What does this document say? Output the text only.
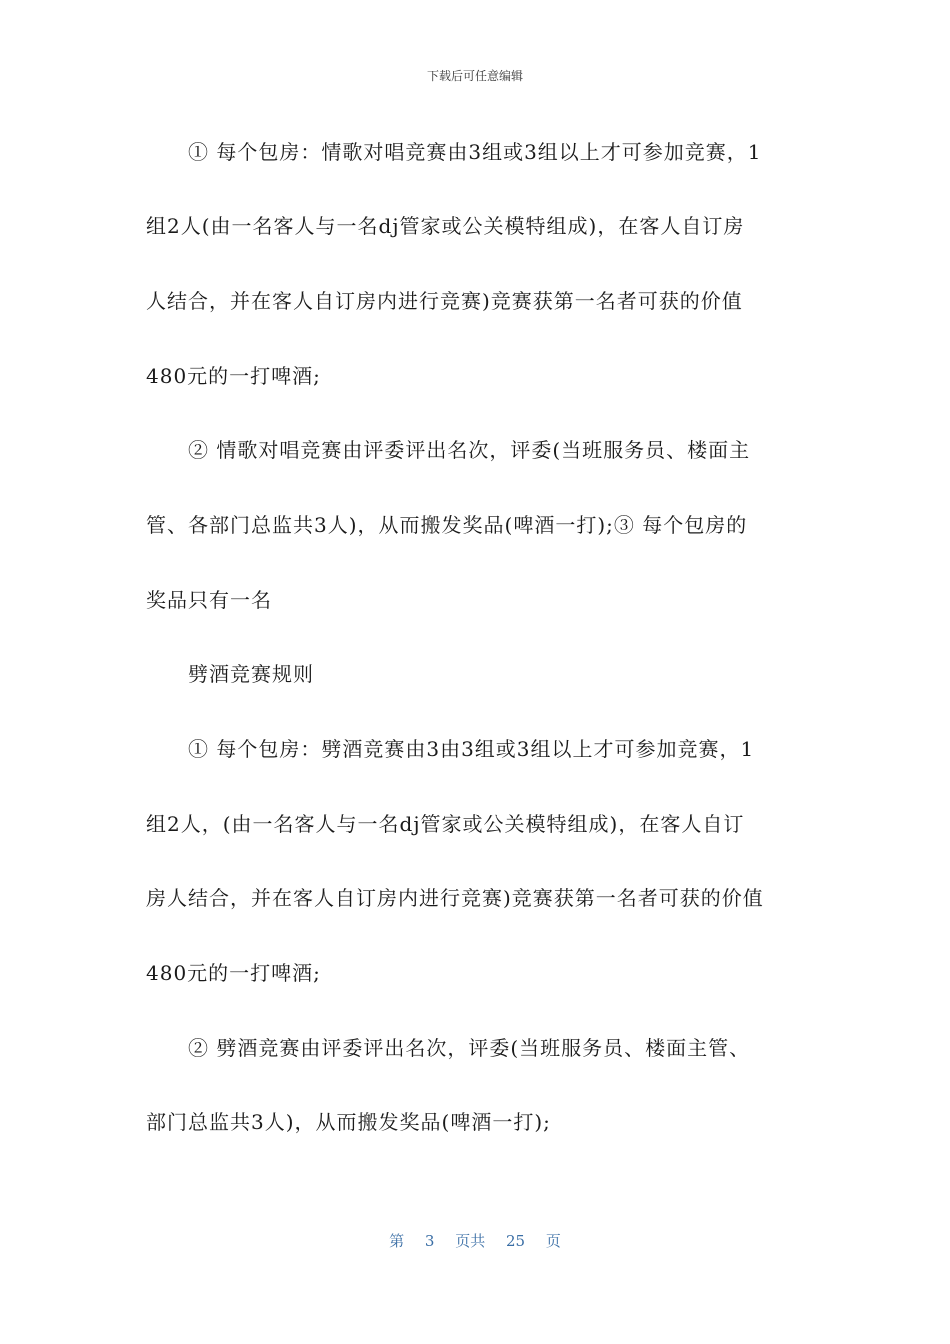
下载后可任意编辑

① 每个包房：情歌对唱竞赛由3组或3组以上才可参加竞赛，1

组2人(由一名客人与一名dj管家或公关模特组成)，在客人自订房

人结合，并在客人自订房内进行竞赛)竞赛获第一名者可获的价值

480元的一打啤酒;

② 情歌对唱竞赛由评委评出名次，评委(当班服务员、楼面主

管、各部门总监共3人)，从而搬发奖品(啤酒一打);③ 每个包房的

奖品只有一名

劈酒竞赛规则

① 每个包房：劈酒竞赛由3由3组或3组以上才可参加竞赛，1

组2人，(由一名客人与一名dj管家或公关模特组成)，在客人自订

房人结合，并在客人自订房内进行竞赛)竞赛获第一名者可获的价值

480元的一打啤酒;

② 劈酒竞赛由评委评出名次，评委(当班服务员、楼面主管、

部门总监共3人)，从而搬发奖品(啤酒一打);

第 3 页共 25 页
